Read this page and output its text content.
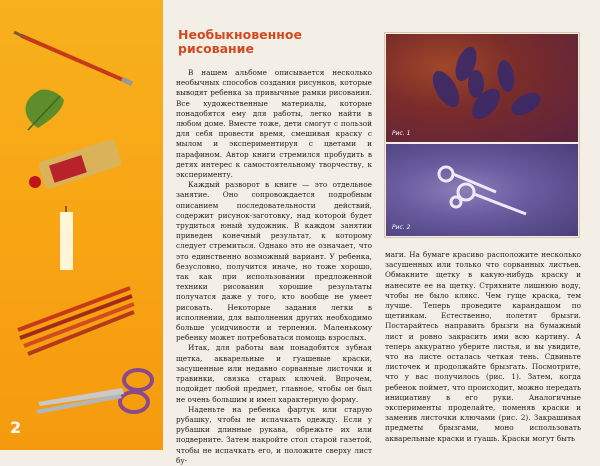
2
Необыкновенное рисование

В нашем альбоме описывается несколько необычных способов создания рисунков, которые выводят ребенка за привычные рамки рисования. Все художественные материалы, которые понадобятся ему для работы, легко найти в любом доме. Вместе тоже, дети смогут с пользой для себя провести время, смешивая краску с мылом и экспериментируя с цветами и парафином. Автор книги стремился пробудить в детях интерес к самостоятельному творчеству, к эксперименту.

Каждый разворот в книге — это отдельное занятие. Оно сопровождается подробным описанием последовательности действий, содержит рисунок-заготовку, над которой будет трудиться юный художник. В каждом занятии приведен конечный результат, к которому следует стремиться. Однако это не означает, что это единственно возможный вариант. У ребенка, безусловно, получится иначе, но тоже хорошо, так как при использовании предложенной техники рисования хорошие результаты получатся даже у того, кто вообще не умеет рисовать. Некоторые задания легки в исполнении, для выполнения других необходимо больше усидчивости и терпения. Маленькому ребенку может потребоваться помощь взрослых.

Итак, для работы вам понадобятся зубная щетка, акварельные и гуашевые краски, засушенные или недавно сорванные листочки и травинки, связка старых ключей. Впрочем, подойдет любой предмет, главное, чтобы он был не очень большим и имел характерную форму.

Наденьте на ребенка фартук или старую рубашку, чтобы не испачкать одежду. Если у рубашки длинные рукава, обрежьте их или подверните. Затем накройте стол старой газетой, чтобы не испачкать его, и положите сверху лист бу-

Рис. 1
Рис. 2

маги. На бумаге красиво расположите несколько засушенных или только что сорванных листьев. Обмакните щетку в какую-нибудь краску и нанесите ее на щетку. Стряхните лишнюю воду, чтобы не было клякс. Чем гуще краска, тем лучше. Теперь проведите карандашом по щетинкам. Естественно, полетят брызги. Постарайтесь направить брызги на бумажный лист и ровно закрасить ими всю картину. А теперь аккуратно уберите листья, и вы увидите, что на листе осталась четкая тень. Сдвиньте листочек и продолжайте брызгать. Посмотрите, что у вас получилось (рис. 1). Затем, когда ребенок поймет, что происходит, можно передать инициативу в его руки. Аналогичные эксперименты проделайте, поменяв краски и заменив листочки ключами (рис. 2). Закрашивая предметы брызгами, моно использовать акварельные краски и гуашь. Краски могут быть
